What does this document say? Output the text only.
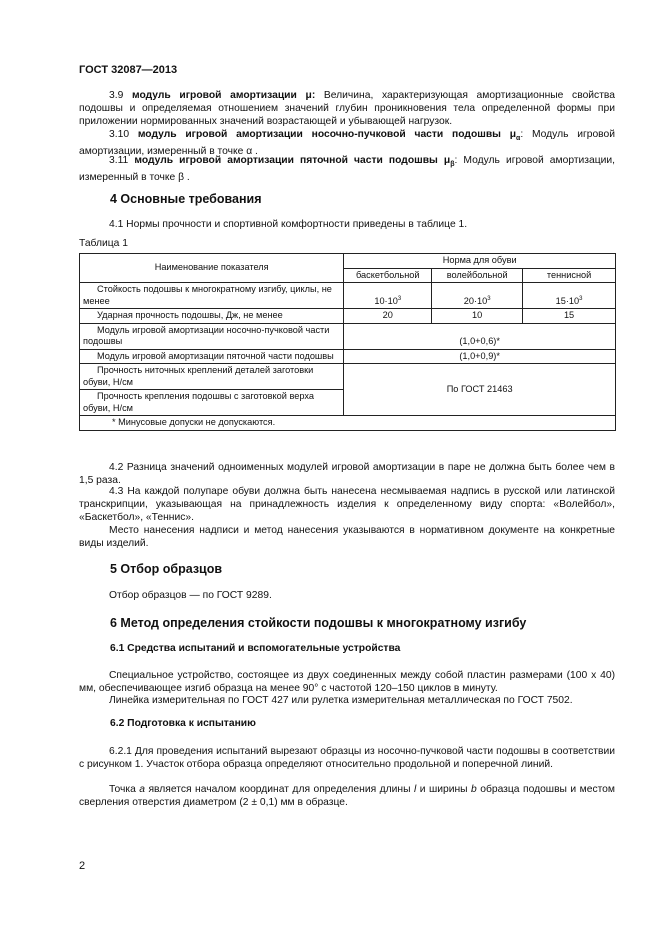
ГОСТ 32087—2013
3.9 модуль игровой амортизации μ: Величина, характеризующая амортизационные свойства подошвы и определяемая отношением значений глубин проникновения тела определенной формы при приложении нормированных значений возрастающей и убывающей нагрузок.
3.10 модуль игровой амортизации носочно-пучковой части подошвы $\mu_\alpha$: Модуль игровой амортизации, измеренный в точке α .
3.11 модуль игровой амортизации пяточной части подошвы $\mu_\beta$: Модуль игровой амортизации, измеренный в точке β .
4 Основные требования
4.1 Нормы прочности и спортивной комфортности приведены в таблице 1.
Таблица 1
Наименование показателя	Норма для обуви		
	баскетбольной	волейбольной	теннисной
Стойкость подошвы к многократному изгибу, циклы, не менее	$10\cdot 10^3$	$20\cdot 10^3$	$15\cdot 10^3$
Ударная прочность подошвы, Дж, не менее	20	10	15
Модуль игровой амортизации носочно-пучковой части подошвы	(1,0+0,6)*		
Модуль игровой амортизации пяточной части подошвы	(1,0+0,9)*		
Прочность ниточных креплений деталей заготовки обуви, Н/см	По ГОСТ 21463		
Прочность крепления подошвы с заготовкой верха обуви, Н/см			
* Минусовые допуски не допускаются.			
4.2 Разница значений одноименных модулей игровой амортизации в паре не должна быть более чем в 1,5 раза.
4.3 На каждой полупаре обуви должна быть нанесена несмываемая надпись в русской или латинской транскрипции, указывающая на принадлежность изделия к определенному виду спорта: «Волейбол», «Баскетбол», «Теннис».
Место нанесения надписи и метод нанесения указываются в нормативном документе на конкретные виды изделий.
5 Отбор образцов
Отбор образцов — по ГОСТ 9289.
6 Метод определения стойкости подошвы к многократному изгибу
6.1 Средства испытаний и вспомогательные устройства
Специальное устройство, состоящее из двух соединенных между собой пластин размерами (100 x 40) мм, обеспечивающее изгиб образца на менее 90° с частотой 120–150 циклов в минуту.
Линейка измерительная по ГОСТ 427 или рулетка измерительная металлическая по ГОСТ 7502.
6.2 Подготовка к испытанию
6.2.1 Для проведения испытаний вырезают образцы из носочно-пучковой части подошвы в соответствии с рисунком 1. Участок отбора образца определяют относительно продольной и поперечной линий.
Точка a является началом координат для определения длины l и ширины b образца подошвы и местом сверления отверстия диаметром (2 ± 0,1) мм в образце.
2
